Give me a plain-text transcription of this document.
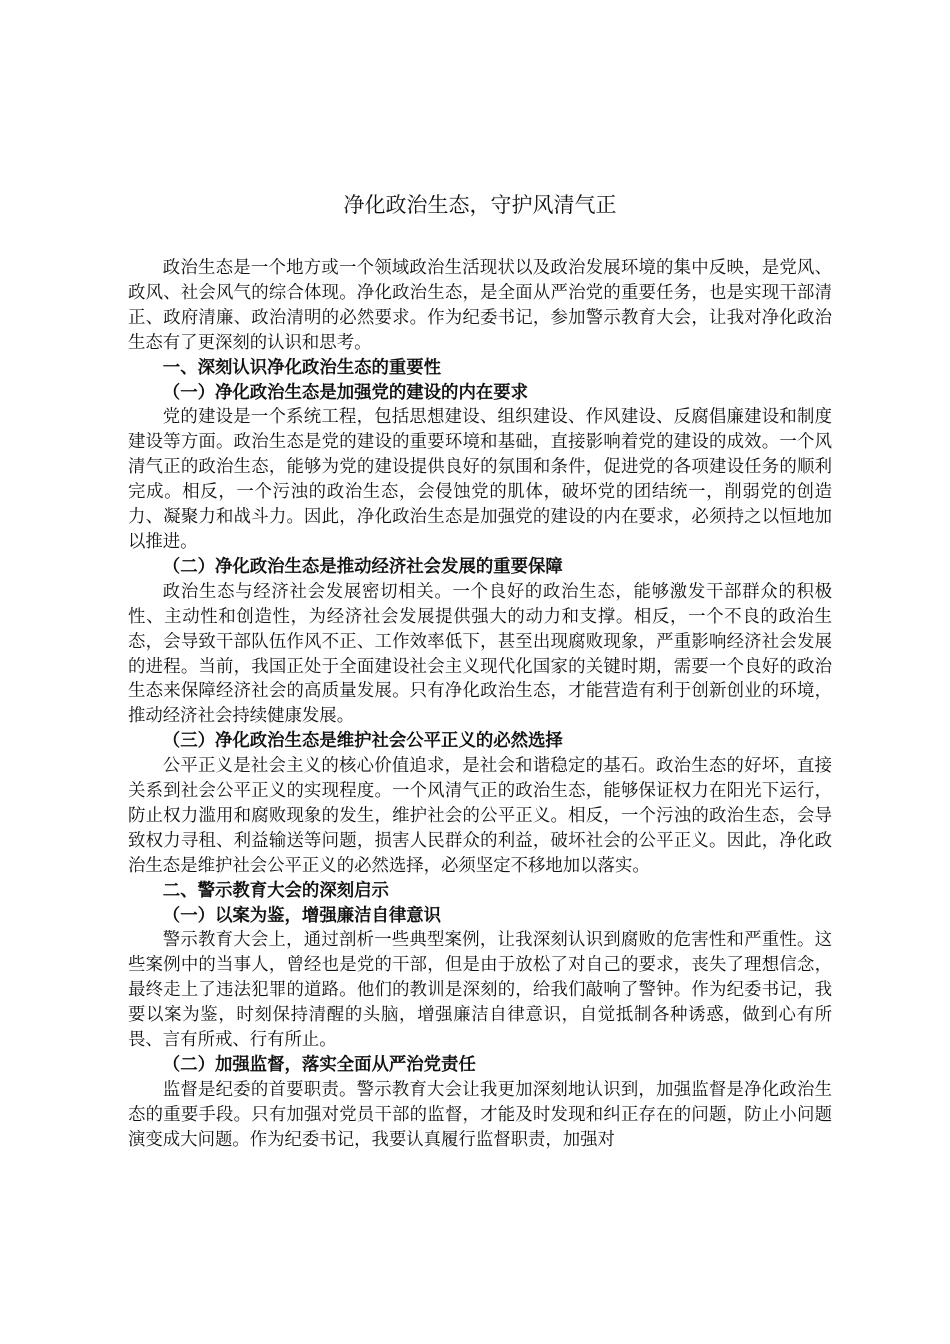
净化政治生态，守护风清气正

政治生态是一个地方或一个领域政治生活现状以及政治发展环境的集中反映，是党风、政风、社会风气的综合体现。净化政治生态，是全面从严治党的重要任务，也是实现干部清正、政府清廉、政治清明的必然要求。作为纪委书记，参加警示教育大会，让我对净化政治生态有了更深刻的认识和思考。

一、深刻认识净化政治生态的重要性

（一）净化政治生态是加强党的建设的内在要求

党的建设是一个系统工程，包括思想建设、组织建设、作风建设、反腐倡廉建设和制度建设等方面。政治生态是党的建设的重要环境和基础，直接影响着党的建设的成效。一个风清气正的政治生态，能够为党的建设提供良好的氛围和条件，促进党的各项建设任务的顺利完成。相反，一个污浊的政治生态，会侵蚀党的肌体，破坏党的团结统一，削弱党的创造力、凝聚力和战斗力。因此，净化政治生态是加强党的建设的内在要求，必须持之以恒地加以推进。

（二）净化政治生态是推动经济社会发展的重要保障

政治生态与经济社会发展密切相关。一个良好的政治生态，能够激发干部群众的积极性、主动性和创造性，为经济社会发展提供强大的动力和支撑。相反，一个不良的政治生态，会导致干部队伍作风不正、工作效率低下，甚至出现腐败现象，严重影响经济社会发展的进程。当前，我国正处于全面建设社会主义现代化国家的关键时期，需要一个良好的政治生态来保障经济社会的高质量发展。只有净化政治生态，才能营造有利于创新创业的环境，推动经济社会持续健康发展。

（三）净化政治生态是维护社会公平正义的必然选择

公平正义是社会主义的核心价值追求，是社会和谐稳定的基石。政治生态的好坏，直接关系到社会公平正义的实现程度。一个风清气正的政治生态，能够保证权力在阳光下运行，防止权力滥用和腐败现象的发生，维护社会的公平正义。相反，一个污浊的政治生态，会导致权力寻租、利益输送等问题，损害人民群众的利益，破坏社会的公平正义。因此，净化政治生态是维护社会公平正义的必然选择，必须坚定不移地加以落实。

二、警示教育大会的深刻启示

（一）以案为鉴，增强廉洁自律意识

警示教育大会上，通过剖析一些典型案例，让我深刻认识到腐败的危害性和严重性。这些案例中的当事人，曾经也是党的干部，但是由于放松了对自己的要求，丧失了理想信念，最终走上了违法犯罪的道路。他们的教训是深刻的，给我们敲响了警钟。作为纪委书记，我要以案为鉴，时刻保持清醒的头脑，增强廉洁自律意识，自觉抵制各种诱惑，做到心有所畏、言有所戒、行有所止。

（二）加强监督，落实全面从严治党责任

监督是纪委的首要职责。警示教育大会让我更加深刻地认识到，加强监督是净化政治生态的重要手段。只有加强对党员干部的监督，才能及时发现和纠正存在的问题，防止小问题演变成大问题。作为纪委书记，我要认真履行监督职责，加强对
